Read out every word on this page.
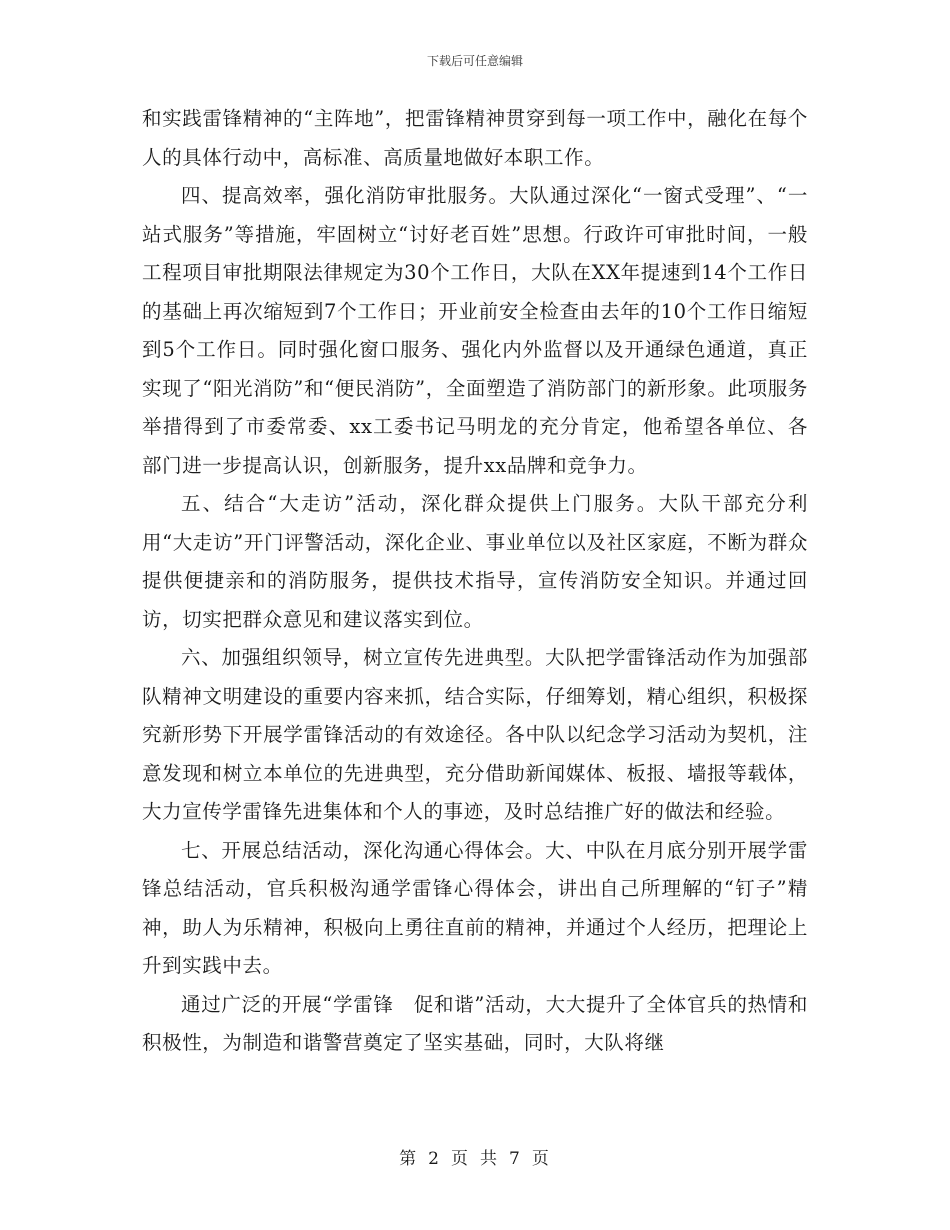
下载后可任意编辑

和实践雷锋精神的“主阵地”，把雷锋精神贯穿到每一项工作中，融化在每个人的具体行动中，高标准、高质量地做好本职工作。

四、提高效率，强化消防审批服务。大队通过深化“一窗式受理”、“一站式服务”等措施，牢固树立“讨好老百姓”思想。行政许可审批时间，一般工程项目审批期限法律规定为30个工作日，大队在XX年提速到14个工作日的基础上再次缩短到7个工作日；开业前安全检查由去年的10个工作日缩短到5个工作日。同时强化窗口服务、强化内外监督以及开通绿色通道，真正实现了“阳光消防”和“便民消防”，全面塑造了消防部门的新形象。此项服务举措得到了市委常委、xx工委书记马明龙的充分肯定，他希望各单位、各部门进一步提高认识，创新服务，提升xx品牌和竞争力。

五、结合“大走访”活动，深化群众提供上门服务。大队干部充分利用“大走访”开门评警活动，深化企业、事业单位以及社区家庭，不断为群众提供便捷亲和的消防服务，提供技术指导，宣传消防安全知识。并通过回访，切实把群众意见和建议落实到位。

六、加强组织领导，树立宣传先进典型。大队把学雷锋活动作为加强部队精神文明建设的重要内容来抓，结合实际，仔细筹划，精心组织，积极探究新形势下开展学雷锋活动的有效途径。各中队以纪念学习活动为契机，注意发现和树立本单位的先进典型，充分借助新闻媒体、板报、墙报等载体，大力宣传学雷锋先进集体和个人的事迹，及时总结推广好的做法和经验。

七、开展总结活动，深化沟通心得体会。大、中队在月底分别开展学雷锋总结活动，官兵积极沟通学雷锋心得体会，讲出自己所理解的“钉子”精神，助人为乐精神，积极向上勇往直前的精神，并通过个人经历，把理论上升到实践中去。

通过广泛的开展“学雷锋　促和谐”活动，大大提升了全体官兵的热情和积极性，为制造和谐警营奠定了坚实基础，同时，大队将继

第 2 页 共 7 页
